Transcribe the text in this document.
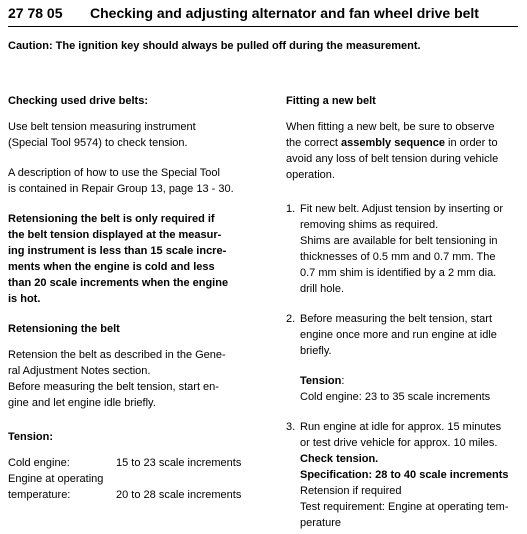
27 78 05 Checking and adjusting alternator and fan wheel drive belt
Caution: The ignition key should always be pulled off during the measurement.

Checking used drive belts:

Use belt tension measuring instrument

(Special Tool 9574) to check tension.

A description of how to use the Special Tool

is contained in Repair Group 13, page 13 - 30.

Retensioning the belt is only required if

the belt tension displayed at the measur-

ing instrument is less than 15 scale incre-

ments when the engine is cold and less

than 20 scale increments when the engine

is hot.

Retensioning the belt

Retension the belt as described in the Gene-

ral Adjustment Notes section.

Before measuring the belt tension, start en-

gine and let engine idle briefly.

Tension:

Cold engine:	15 to 23 scale increments
Engine at operating
temperature:	20 to 28 scale increments

Fitting a new belt

When fitting a new belt, be sure to observe

the correct assembly sequence in order to

avoid any loss of belt tension during vehicle

operation.

1. Fit new belt. Adjust tension by inserting or

removing shims as required.

Shims are available for belt tensioning in

thicknesses of 0.5 mm and 0.7 mm. The

0.7 mm shim is identified by a 2 mm dia.

drill hole.

2. Before measuring the belt tension, start

engine once more and run engine at idle

briefly.

Tension:

Cold engine: 23 to 35 scale increments

3. Run engine at idle for approx. 15 minutes

or test drive vehicle for approx. 10 miles.

Check tension.

Specification: 28 to 40 scale increments

Retension if required

Test requirement: Engine at operating tem-

perature
